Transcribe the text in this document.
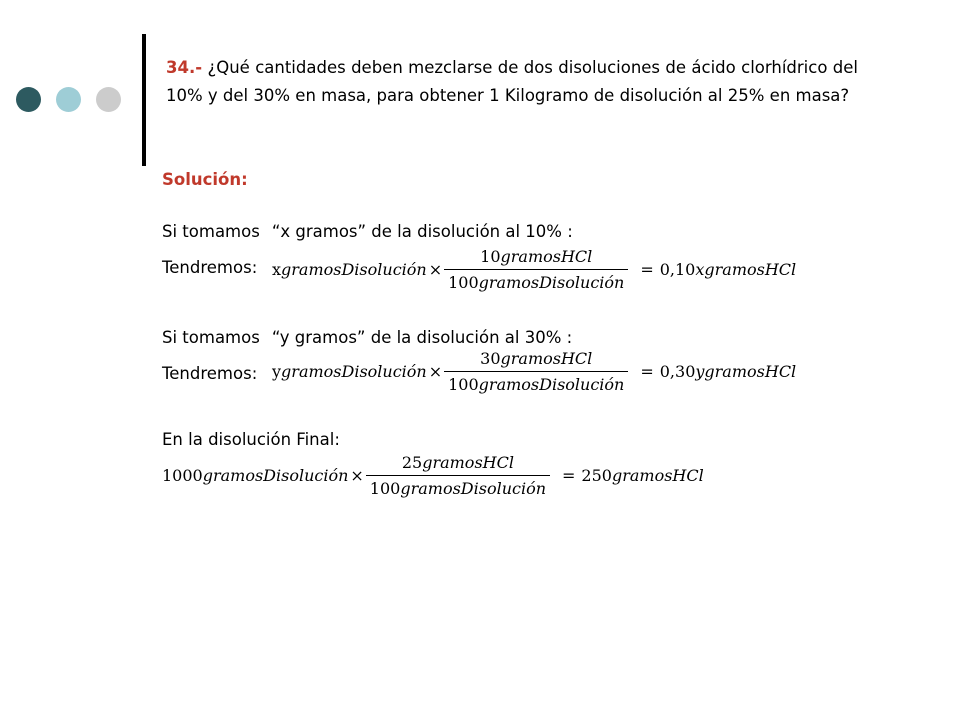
34.- ¿Qué cantidades deben mezclarse de dos disoluciones de ácido clorhídrico del 10% y del 30% en masa, para obtener 1 Kilogramo de disolución al 25% en masa?
Solución:
Si tomamos “x gramos” de la disolución al 10% :
Tendremos: xgramosDisolución × $\frac{\text{10gramosHCl}}{\text{100gramosDisolución}}$ = 0,10xgramosHCl
Si tomamos “y gramos” de la disolución al 30% :
Tendremos: ygramosDisolución × $\frac{\text{30gramosHCl}}{\text{100gramosDisolución}}$ = 0,30ygramosHCl
En la disolución Final:
1000gramosDisolución × $\frac{\text{25gramosHCl}}{\text{100gramosDisolución}}$ = 250gramosHCl
